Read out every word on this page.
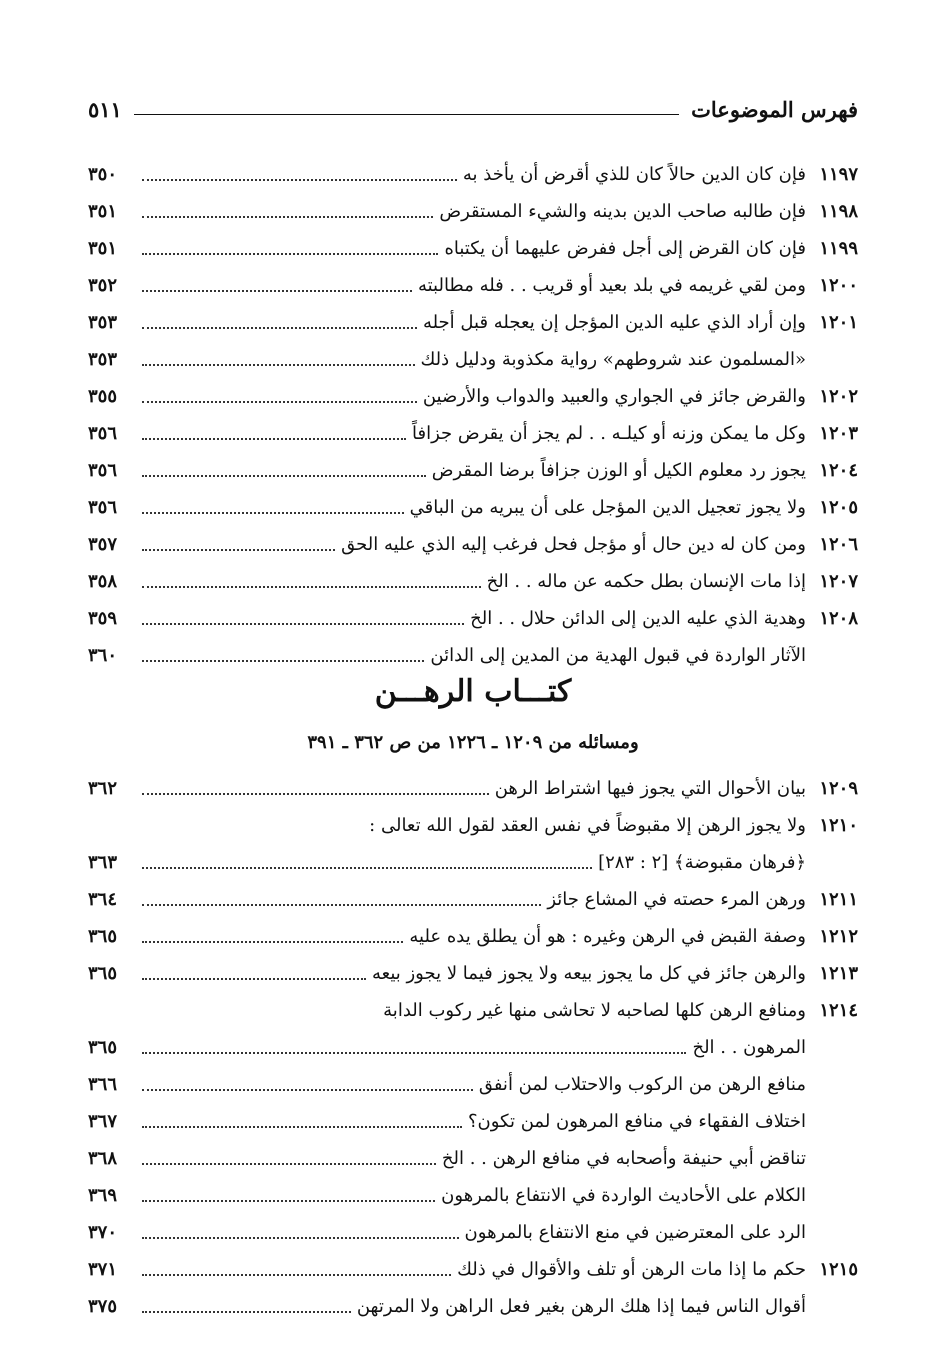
فهرس الموضوعات
٥١١
١١٩٧
فإن كان الدين حالاً كان للذي أقرض أن يأخذ به
٣٥٠
١١٩٨
فإن طالبه صاحب الدين بدينه والشيء المستقرض
٣٥١
١١٩٩
فإن كان القرض إلى أجل ففرض عليهما أن يكتباه
٣٥١
١٢٠٠
ومن لقي غريمه في بلد بعيد أو قريب . . فله مطالبته
٣٥٢
١٢٠١
وإن أراد الذي عليه الدين المؤجل إن يعجله قبل أجله
٣٥٣
«المسلمون عند شروطهم» رواية مكذوبة ودليل ذلك
٣٥٣
١٢٠٢
والقرض جائز في الجواري والعبيد والدواب والأرضين
٣٥٥
١٢٠٣
وكل ما يمكن وزنه أو كيلـه . . لم يجز أن يقرض جزافاً
٣٥٦
١٢٠٤
يجوز رد معلوم الكيل أو الوزن جزافاً برضا المقرض
٣٥٦
١٢٠٥
ولا يجوز تعجيل الدين المؤجل على أن يبريه من الباقي
٣٥٦
١٢٠٦
ومن كان له دين حال أو مؤجل فحل فرغب إليه الذي عليه الحق
٣٥٧
١٢٠٧
إذا مات الإنسان بطل حكمه عن ماله . . الخ
٣٥٨
١٢٠٨
وهدية الذي عليه الدين إلى الدائن حلال . . الخ
٣٥٩
الآثار الواردة في قبول الهدية من المدين إلى الدائن
٣٦٠
كتـــاب الرهـــن
ومسائله من ١٢٠٩ ـ ١٢٢٦ من ص ٣٦٢ ـ ٣٩١
١٢٠٩
بيان الأحوال التي يجوز فيها اشتراط الرهن
٣٦٢
١٢١٠
ولا يجوز الرهن إلا مقبوضاً في نفس العقد لقول الله تعالى :
﴿فرهان مقبوضة﴾ [٢ : ٢٨٣]
٣٦٣
١٢١١
ورهن المرء حصته في المشاع جائز
٣٦٤
١٢١٢
وصفة القبض في الرهن وغيره : هو أن يطلق يده عليه
٣٦٥
١٢١٣
والرهن جائز في كل ما يجوز بيعه ولا يجوز فيما لا يجوز بيعه
٣٦٥
١٢١٤
ومنافع الرهن كلها لصاحبه لا تحاشى منها غير ركوب الدابة
المرهون . . الخ
٣٦٥
منافع الرهن من الركوب والاحتلاب لمن أنفق
٣٦٦
اختلاف الفقهاء في منافع المرهون لمن تكون؟
٣٦٧
تناقض أبي حنيفة وأصحابه في منافع الرهن . . الخ
٣٦٨
الكلام على الأحاديث الواردة في الانتفاع بالمرهون
٣٦٩
الرد على المعترضين في منع الانتفاع بالمرهون
٣٧٠
١٢١٥
حكم ما إذا مات الرهن أو تلف والأقوال في ذلك
٣٧١
أقوال الناس فيما إذا هلك الرهن بغير فعل الراهن ولا المرتهن
٣٧٥
